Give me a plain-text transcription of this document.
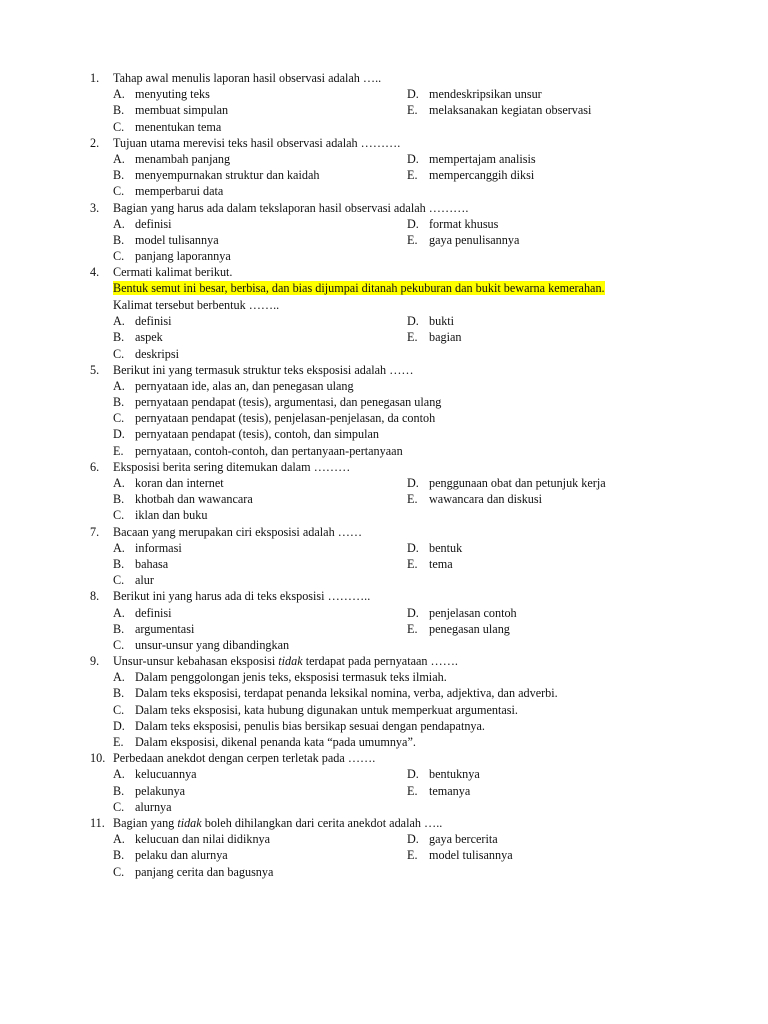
1. Tahap awal menulis laporan hasil observasi adalah …..
A. menyuting teks	D. mendeskripsikan unsur
B. membuat simpulan	E. melaksanakan kegiatan observasi
C. menentukan tema
2. Tujuan utama merevisi teks hasil observasi adalah ……….
A. menambah panjang	D. mempertajam analisis
B. menyempurnakan struktur dan kaidah	E. mempercanggih diksi
C. memperbarui data
3. Bagian yang harus ada dalam tekslaporan hasil observasi adalah ……….
A. definisi	D. format khusus
B. model tulisannya	E. gaya penulisannya
C. panjang laporannya
4. Cermati kalimat berikut.
Bentuk semut ini besar, berbisa, dan bias dijumpai ditanah pekuburan dan bukit bewarna kemerahan.
Kalimat tersebut berbentuk ……..
A. definisi	D. bukti
B. aspek	E. bagian
C. deskripsi
5. Berikut ini yang termasuk struktur teks eksposisi adalah ……
A. pernyataan ide, alas an, dan penegasan ulang
B. pernyataan pendapat (tesis), argumentasi, dan penegasan ulang
C. pernyataan pendapat (tesis), penjelasan-penjelasan, da contoh
D. pernyataan pendapat (tesis), contoh, dan simpulan
E. pernyataan, contoh-contoh, dan pertanyaan-pertanyaan
6. Eksposisi berita sering ditemukan dalam ………
A. koran dan internet	D. penggunaan obat dan petunjuk kerja
B. khotbah dan wawancara	E. wawancara dan diskusi
C. iklan dan buku
7. Bacaan yang merupakan ciri eksposisi adalah ……
A. informasi	D. bentuk
B. bahasa	E. tema
C. alur
8. Berikut ini yang harus ada di teks eksposisi ………..
A. definisi	D. penjelasan contoh
B. argumentasi	E. penegasan ulang
C. unsur-unsur yang dibandingkan
9. Unsur-unsur kebahasan eksposisi tidak terdapat pada pernyataan …….
A. Dalam penggolongan jenis teks, eksposisi termasuk teks ilmiah.
B. Dalam teks eksposisi, terdapat penanda leksikal nomina, verba, adjektiva, dan adverbi.
C. Dalam teks eksposisi, kata hubung digunakan untuk memperkuat argumentasi.
D. Dalam teks eksposisi, penulis bias bersikap sesuai dengan pendapatnya.
E. Dalam eksposisi, dikenal penanda kata “pada umumnya”.
10. Perbedaan anekdot dengan cerpen terletak pada …….
A. kelucuannya	D. bentuknya
B. pelakunya	E. temanya
C. alurnya
11. Bagian yang tidak boleh dihilangkan dari cerita anekdot adalah …..
A. kelucuan dan nilai didiknya	D. gaya bercerita
B. pelaku dan alurnya	E. model tulisannya
C. panjang cerita dan bagusnya
